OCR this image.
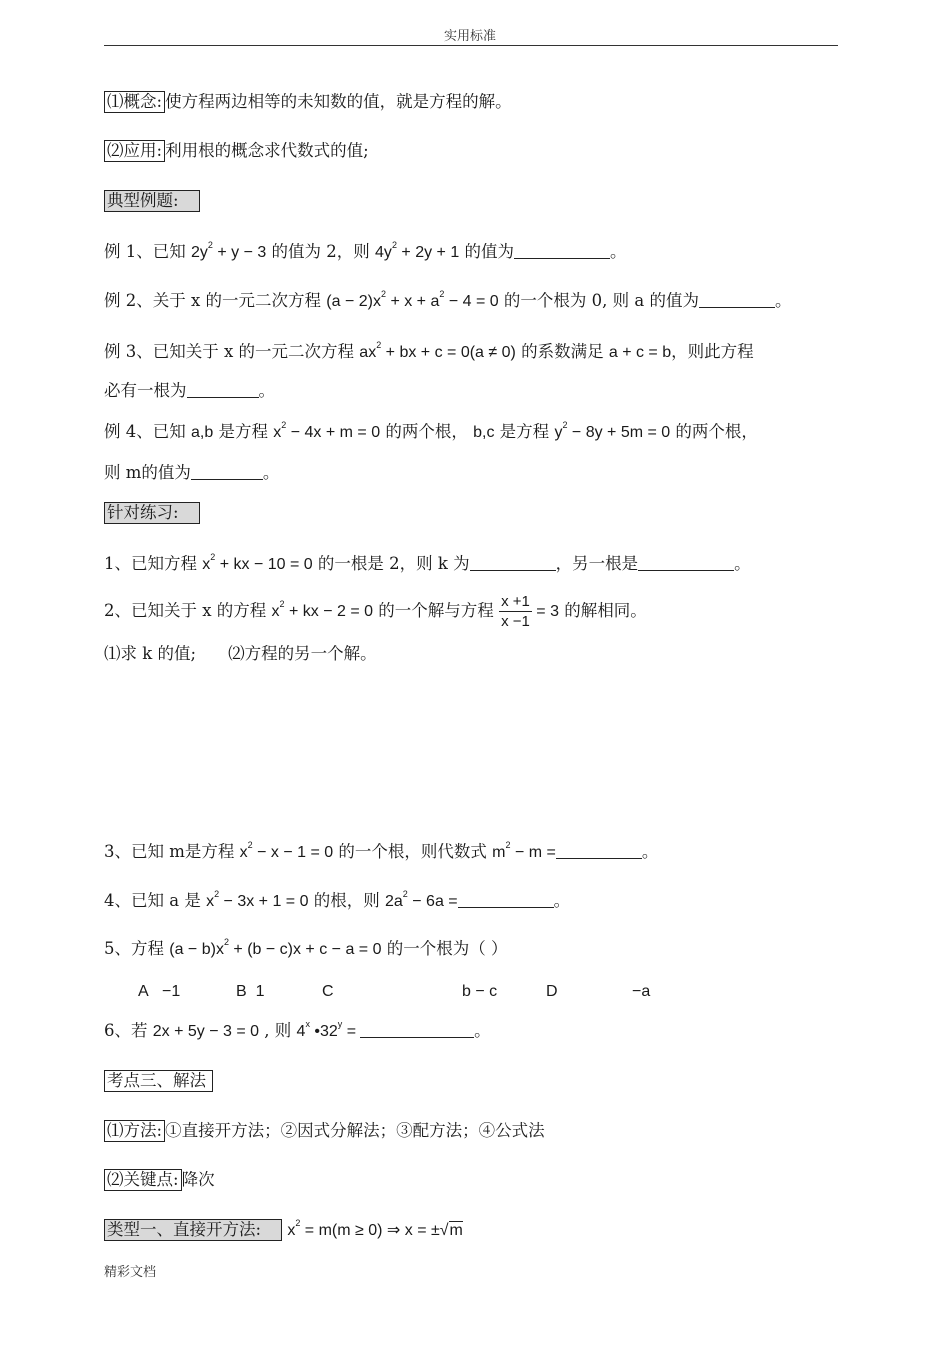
实用标准
⑴概念: 使方程两边相等的未知数的值，就是方程的解。
⑵应用: 利用根的概念求代数式的值;
典型例题:
例 1、已知 $2y^2 + y - 3$ 的值为 2，则 $4y^2 + 2y + 1$ 的值为	。
例 2、关于 x 的一元二次方程 $(a - 2)x^2 + x + a^2 - 4 = 0$ 的一个根为 0, 则 a 的值为	。
例 3、已知关于 x 的一元二次方程 $ax^2$ + bx + c = 0(a ≠ 0) 的系数满足 a + c = b，则此方程
必有一根为	。
例 4、已知 a,b 是方程 $x^2 - 4x + m = 0$ 的两个根， b,c 是方程 $y^2 - 8y + 5m = 0$ 的两个根，
则 m的值为	。
针对练习:
1、已知方程 $x^2$ + kx − 10 = 0 的一根是 2，则 k 为	，另一根是	。
2、已知关于 x 的方程 $x^2$ + kx − 2 = 0 的一个解与方程 $\frac{x +1}{x -1} = 3$ 的解相同。
⑴求 k 的值; ⑵方程的另一个解。
3、已知 m是方程 $x^2 - x - 1 = 0$ 的一个根，则代数式 $m^2 - m$ =	。
4、已知 a 是 $x^2 - 3x + 1 = 0$ 的根，则 $2a^2 - 6a$ =	。
5、方程 $(a - b)x^2 + (b - c)x + c - a = 0$ 的一个根为（ ）
A −1	B 1	C	b − c	D	−a
6、若 2x + 5y − 3 = 0 , 则 4$^x$ $•32^y$ =	。
考点三、解法
⑴方法: ①直接开方法；②因式分解法；③配方法；④公式法
⑵关键点: 降次
类型一、直接开方法: $x^2 = m(m \ge 0)$ ⇒ x = ±√m
精彩文档
